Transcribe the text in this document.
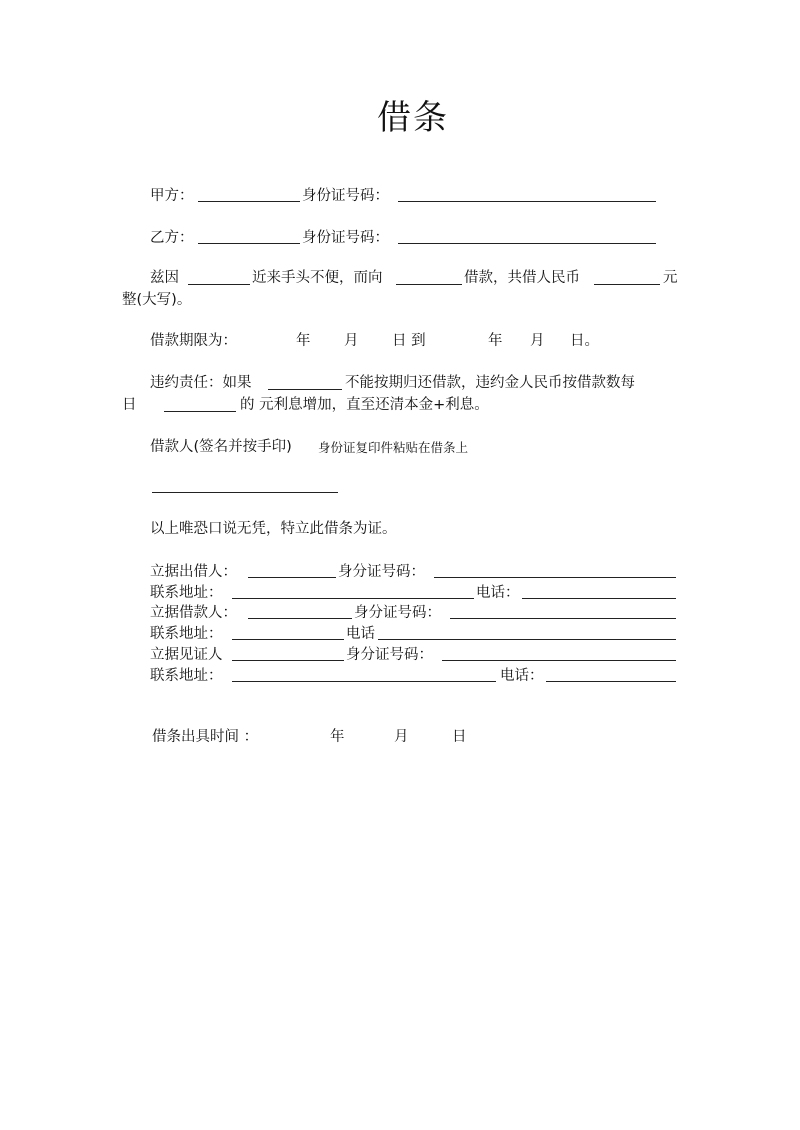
借条
甲方：	身份证号码：
乙方：	身份证号码：
兹因	近来手头不便，而向	借款，共借人民币	元
整(大写)。
借款期限为：	年 月 日 到	年 月 日。
违约责任：如果	不能按期归还借款，违约金人民币按借款数每
日	的 元利息增加，直至还清本金+利息。
借款人(签名并按手印) 身份证复印件粘贴在借条上
以上唯恐口说无凭，特立此借条为证。
立据出借人：	身分证号码：
联系地址：	电话：
立据借款人：	身分证号码：
联系地址：	电话
立据见证人	身分证号码：
联系地址：	电话：
借条出具时间 ：	年	月	日
